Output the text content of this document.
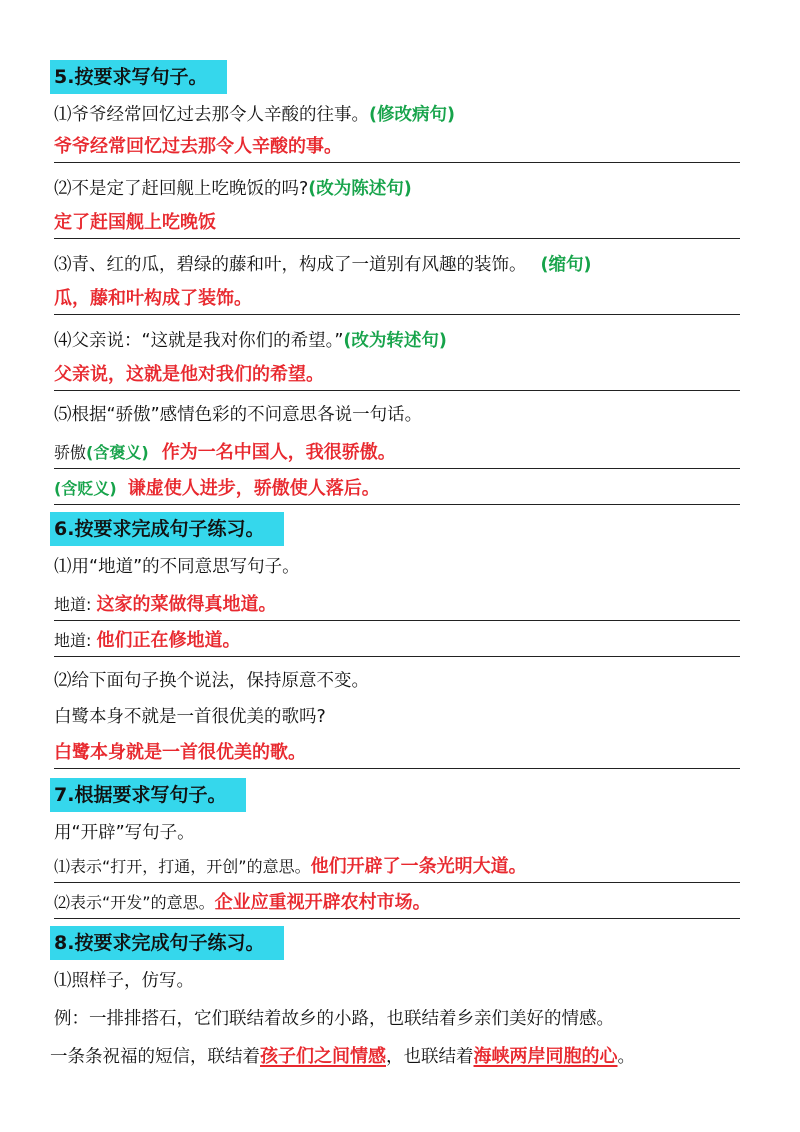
5.按要求写句子。
⑴爷爷经常回忆过去那令人辛酸的往事。(修改病句)
爷爷经常回忆过去那令人辛酸的事。
⑵不是定了赶回舰上吃晚饭的吗?(改为陈述句)
定了赶国舰上吃晚饭
⑶青、红的瓜，碧绿的藤和叶，构成了一道别有风趣的装饰。 (缩句)
瓜，藤和叶构成了装饰。
⑷父亲说：“这就是我对你们的希望。”(改为转述句)
父亲说，这就是他对我们的希望。
⑸根据“骄傲”感情色彩的不问意思各说一句话。
骄傲(含褒义) 作为一名中国人，我很骄傲。
(含贬义) 谦虚使人进步，骄傲使人落后。
6.按要求完成句子练习。
⑴用“地道”的不同意思写句子。
地道: 这家的菜做得真地道。
地道: 他们正在修地道。
⑵给下面句子换个说法，保持原意不变。
白鹭本身不就是一首很优美的歌吗?
白鹭本身就是一首很优美的歌。
7.根据要求写句子。
用“开辟”写句子。
⑴表示“打开，打通，开创”的意思。他们开辟了一条光明大道。
⑵表示“开发”的意思。企业应重视开辟农村市场。
8.按要求完成句子练习。
⑴照样子，仿写。
例：一排排搭石，它们联结着故乡的小路，也联结着乡亲们美好的情感。
一条条祝福的短信，联结着孩子们之间情感，也联结着海峡两岸同胞的心。
